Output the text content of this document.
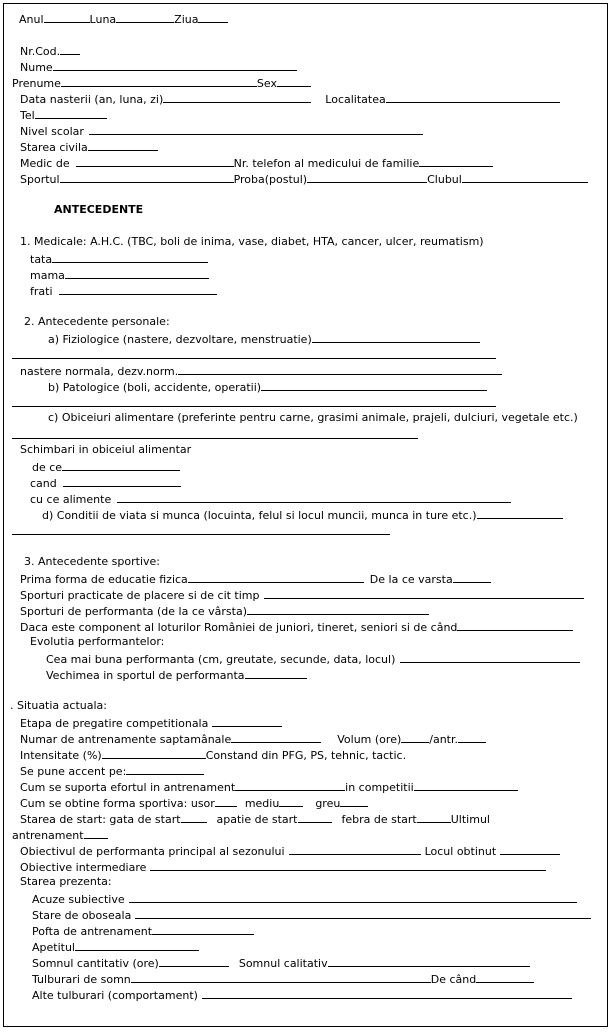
Anul	Luna	Ziua
Nr.Cod.
Nume
Prenume	Sex
Data nasterii (an, luna, zi)	Localitatea
Tel
Nivel scolar
Starea civila
Medic de	Nr. telefon al medicului de familie
Sportul	Proba(postul)	Clubul
ANTECEDENTE
1. Medicale: A.H.C. (TBC, boli de inima, vase, diabet, HTA, cancer, ulcer, reumatism)
tata
mama
frati
2. Antecedente personale:
a) Fiziologice (nastere, dezvoltare, menstruatie)
nastere normala, dezv.norm.
b) Patologice (boli, accidente, operatii)
c) Obiceiuri alimentare (preferinte pentru carne, grasimi animale, prajeli, dulciuri, vegetale etc.)
Schimbari in obiceiul alimentar
de ce
cand
cu ce alimente
d) Conditii de viata si munca (locuinta, felul si locul muncii, munca in ture etc.)
3. Antecedente sportive:
Prima forma de educatie fizica	De la ce varsta
Sporturi practicate de placere si de cit timp
Sporturi de performanta (de la ce vârsta)
Daca este component al loturilor României de juniori, tineret, seniori si de când
Evolutia performantelor:
Cea mai buna performanta (cm, greutate, secunde, data, locul)
Vechimea in sportul de performanta
. Situatia actuala:
Etapa de pregatire competitionala
Numar de antrenamente saptamânale	Volum (ore)	/antr.
Intensitate (%)	Constand din PFG, PS, tehnic, tactic.
Se pune accent pe:
Cum se suporta efortul in antrenament	in competitii
Cum se obtine forma sportiva: usor	mediu	greu
Starea de start: gata de start	apatie de start	febra de start	Ultimul
antrenament
Obiectivul de performanta principal al sezonului	Locul obtinut
Obiective intermediare
Starea prezenta:
Acuze subiective
Stare de oboseala
Pofta de antrenament
Apetitul
Somnul cantitativ (ore)	Somnul calitativ
Tulburari de somn	De când
Alte tulburari (comportament)
